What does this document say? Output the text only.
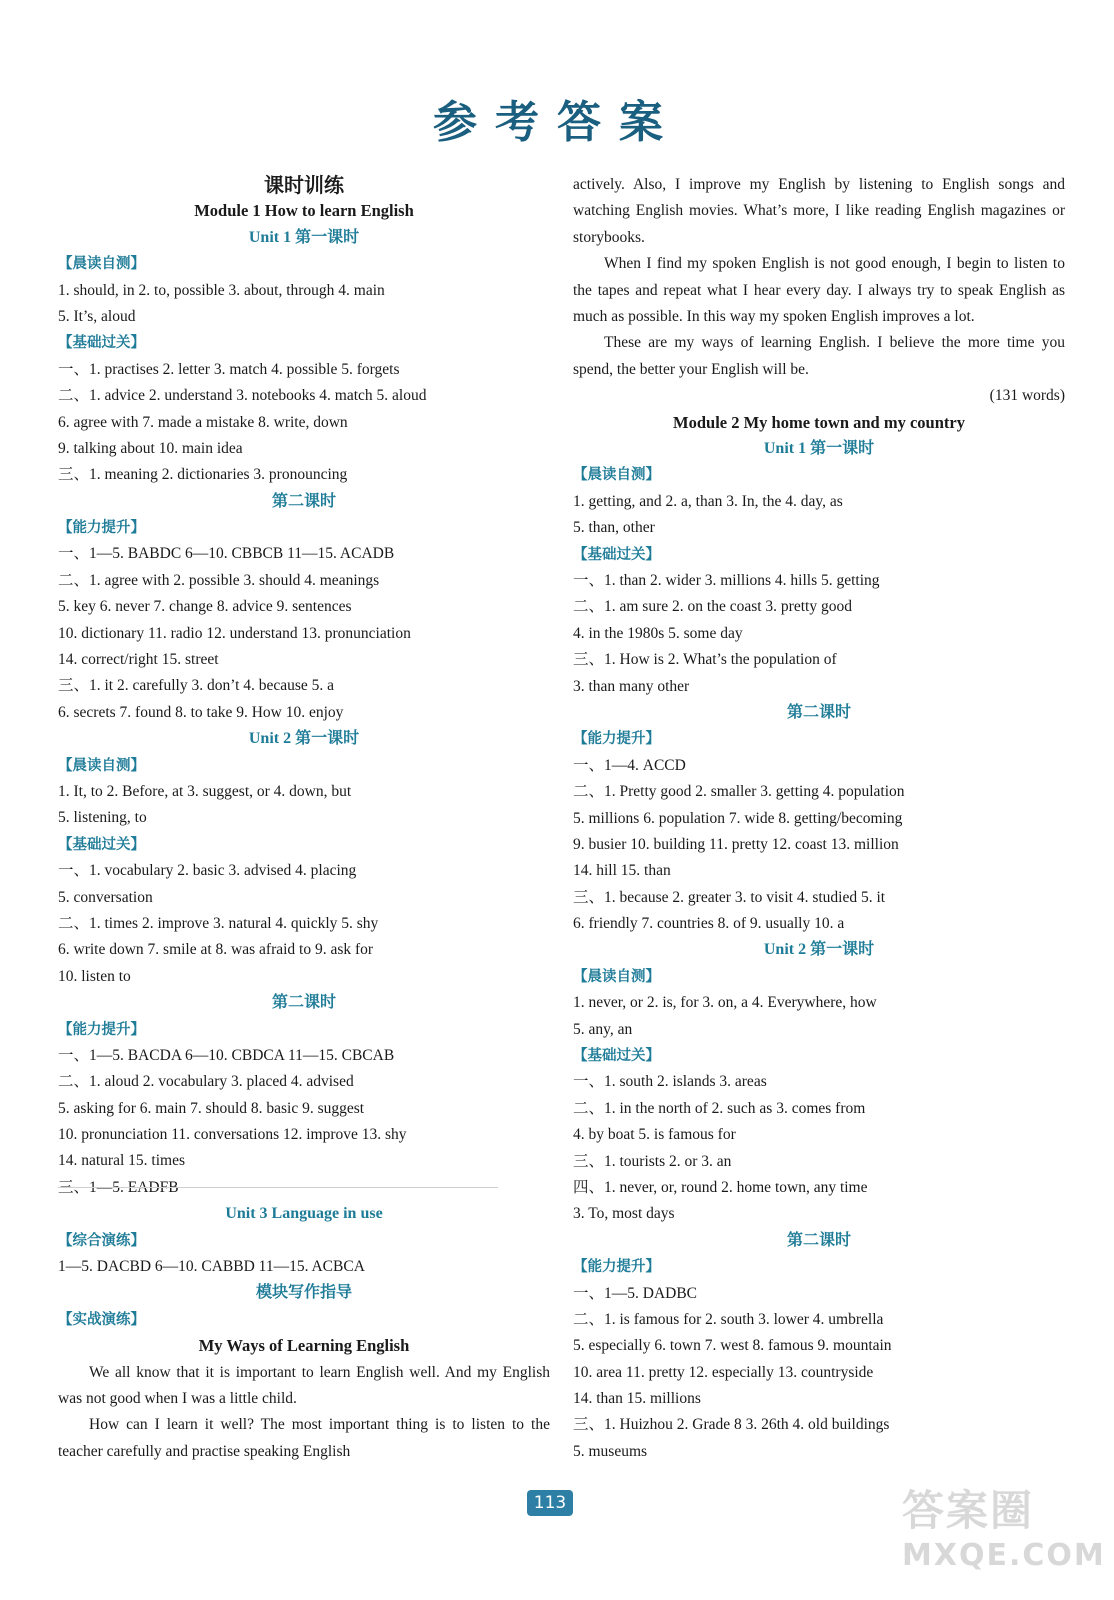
参考答案
课时训练
Module 1 How to learn English
Unit 1 第一课时
【晨读自测】
1. should, in 2. to, possible 3. about, through 4. main
5. It’s, aloud
【基础过关】
一、1. practises 2. letter 3. match 4. possible 5. forgets
二、1. advice 2. understand 3. notebooks 4. match 5. aloud
6. agree with 7. made a mistake 8. write, down
9. talking about 10. main idea
三、1. meaning 2. dictionaries 3. pronouncing
第二课时
【能力提升】
一、1—5. BABDC 6—10. CBBCB 11—15. ACADB
二、1. agree with 2. possible 3. should 4. meanings
5. key 6. never 7. change 8. advice 9. sentences
10. dictionary 11. radio 12. understand 13. pronunciation
14. correct/right 15. street
三、1. it 2. carefully 3. don’t 4. because 5. a
6. secrets 7. found 8. to take 9. How 10. enjoy
Unit 2 第一课时
【晨读自测】
1. It, to 2. Before, at 3. suggest, or 4. down, but
5. listening, to
【基础过关】
一、1. vocabulary 2. basic 3. advised 4. placing
5. conversation
二、1. times 2. improve 3. natural 4. quickly 5. shy
6. write down 7. smile at 8. was afraid to 9. ask for
10. listen to
第二课时
【能力提升】
一、1—5. BACDA 6—10. CBDCA 11—15. CBCAB
二、1. aloud 2. vocabulary 3. placed 4. advised
5. asking for 6. main 7. should 8. basic 9. suggest
10. pronunciation 11. conversations 12. improve 13. shy
14. natural 15. times
三、1—5. EADFB
Unit 3 Language in use
【综合演练】
1—5. DACBD 6—10. CABBD 11—15. ACBCA
模块写作指导
【实战演练】
My Ways of Learning English
We all know that it is important to learn English well. And my English was not good when I was a little child.
How can I learn it well? The most important thing is to listen to the teacher carefully and practise speaking English
actively. Also, I improve my English by listening to English songs and watching English movies. What’s more, I like reading English magazines or storybooks.
When I find my spoken English is not good enough, I begin to listen to the tapes and repeat what I hear every day. I always try to speak English as much as possible. In this way my spoken English improves a lot.
These are my ways of learning English. I believe the more time you spend, the better your English will be.
(131 words)
Module 2 My home town and my country
Unit 1 第一课时
【晨读自测】
1. getting, and 2. a, than 3. In, the 4. day, as
5. than, other
【基础过关】
一、1. than 2. wider 3. millions 4. hills 5. getting
二、1. am sure 2. on the coast 3. pretty good
4. in the 1980s 5. some day
三、1. How is 2. What’s the population of
3. than many other
第二课时
【能力提升】
一、1—4. ACCD
二、1. Pretty good 2. smaller 3. getting 4. population
5. millions 6. population 7. wide 8. getting/becoming
9. busier 10. building 11. pretty 12. coast 13. million
14. hill 15. than
三、1. because 2. greater 3. to visit 4. studied 5. it
6. friendly 7. countries 8. of 9. usually 10. a
Unit 2 第一课时
【晨读自测】
1. never, or 2. is, for 3. on, a 4. Everywhere, how
5. any, an
【基础过关】
一、1. south 2. islands 3. areas
二、1. in the north of 2. such as 3. comes from
4. by boat 5. is famous for
三、1. tourists 2. or 3. an
四、1. never, or, round 2. home town, any time
3. To, most days
第二课时
【能力提升】
一、1—5. DADBC
二、1. is famous for 2. south 3. lower 4. umbrella
5. especially 6. town 7. west 8. famous 9. mountain
10. area 11. pretty 12. especially 13. countryside
14. than 15. millions
三、1. Huizhou 2. Grade 8 3. 26th 4. old buildings
5. museums
113	答案圈
MXQE.COM
